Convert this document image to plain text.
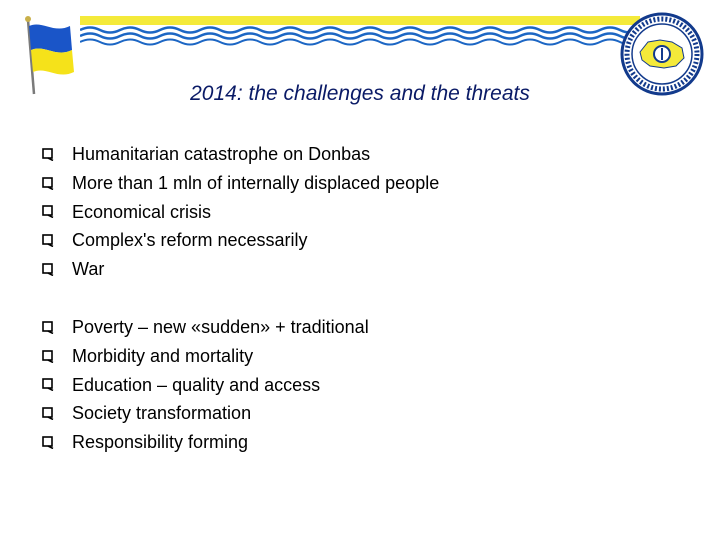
2014: the challenges and the threats
Humanitarian catastrophe on Donbas
More than 1 mln of internally displaced people
Economical crisis
Complex's reform necessarily
War
Poverty – new «sudden» + traditional
Morbidity and mortality
Education – quality and access
Society transformation
Responsibility forming
